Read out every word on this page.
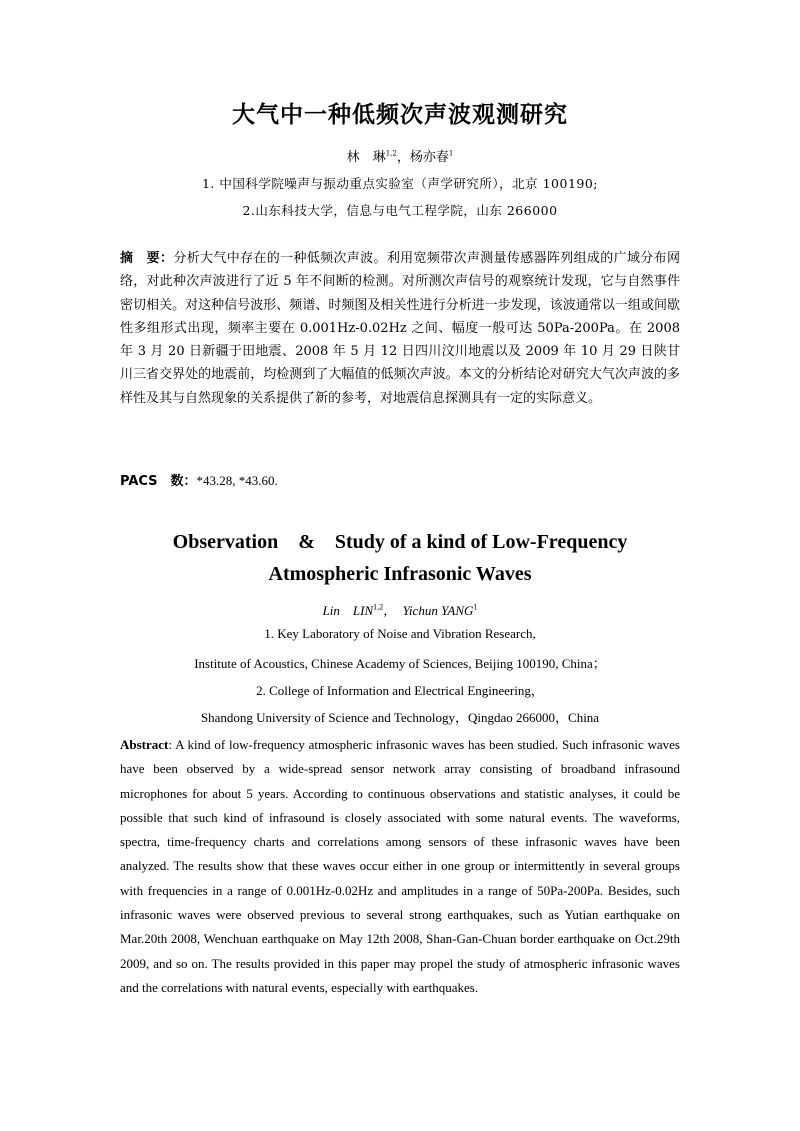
大气中一种低频次声波观测研究
林　琳$^{1,2}$，杨亦春$^1$
1. 中国科学院噪声与振动重点实验室（声学研究所），北京 100190;
2.山东科技大学，信息与电气工程学院，山东 266000
摘　要：分析大气中存在的一种低频次声波。利用宽频带次声测量传感器阵列组成的广域分布网络，对此种次声波进行了近 5 年不间断的检测。对所测次声信号的观察统计发现，它与自然事件密切相关。对这种信号波形、频谱、时频图及相关性进行分析进一步发现，该波通常以一组或间歇性多组形式出现，频率主要在 0.001Hz-0.02Hz 之间、幅度一般可达 50Pa-200Pa。在 2008 年 3 月 20 日新疆于田地震、2008 年 5 月 12 日四川汶川地震以及 2009 年 10 月 29 日陕甘川三省交界处的地震前，均检测到了大幅值的低频次声波。本文的分析结论对研究大气次声波的多样性及其与自然现象的关系提供了新的参考，对地震信息探测具有一定的实际意义。
PACS　数：*43.28, *43.60.
Observation　&　Study of a kind of Low-Frequency
Atmospheric Infrasonic Waves
Lin　LIN$^{1,2}$，　Yichun YANG$^1$
1. Key Laboratory of Noise and Vibration Research,
Institute of Acoustics, Chinese Academy of Sciences, Beijing 100190, China；
2. College of Information and Electrical Engineering，
Shandong University of Science and Technology，Qingdao 266000，China
Abstract: A kind of low-frequency atmospheric infrasonic waves has been studied. Such infrasonic waves have been observed by a wide-spread sensor network array consisting of broadband infrasound microphones for about 5 years. According to continuous observations and statistic analyses, it could be possible that such kind of infrasound is closely associated with some natural events. The waveforms, spectra, time-frequency charts and correlations among sensors of these infrasonic waves have been analyzed. The results show that these waves occur either in one group or intermittently in several groups with frequencies in a range of 0.001Hz-0.02Hz and amplitudes in a range of 50Pa-200Pa. Besides, such infrasonic waves were observed previous to several strong earthquakes, such as Yutian earthquake on Mar.20th 2008, Wenchuan earthquake on May 12th 2008, Shan-Gan-Chuan border earthquake on Oct.29th 2009, and so on. The results provided in this paper may propel the study of atmospheric infrasonic waves and the correlations with natural events, especially with earthquakes.
